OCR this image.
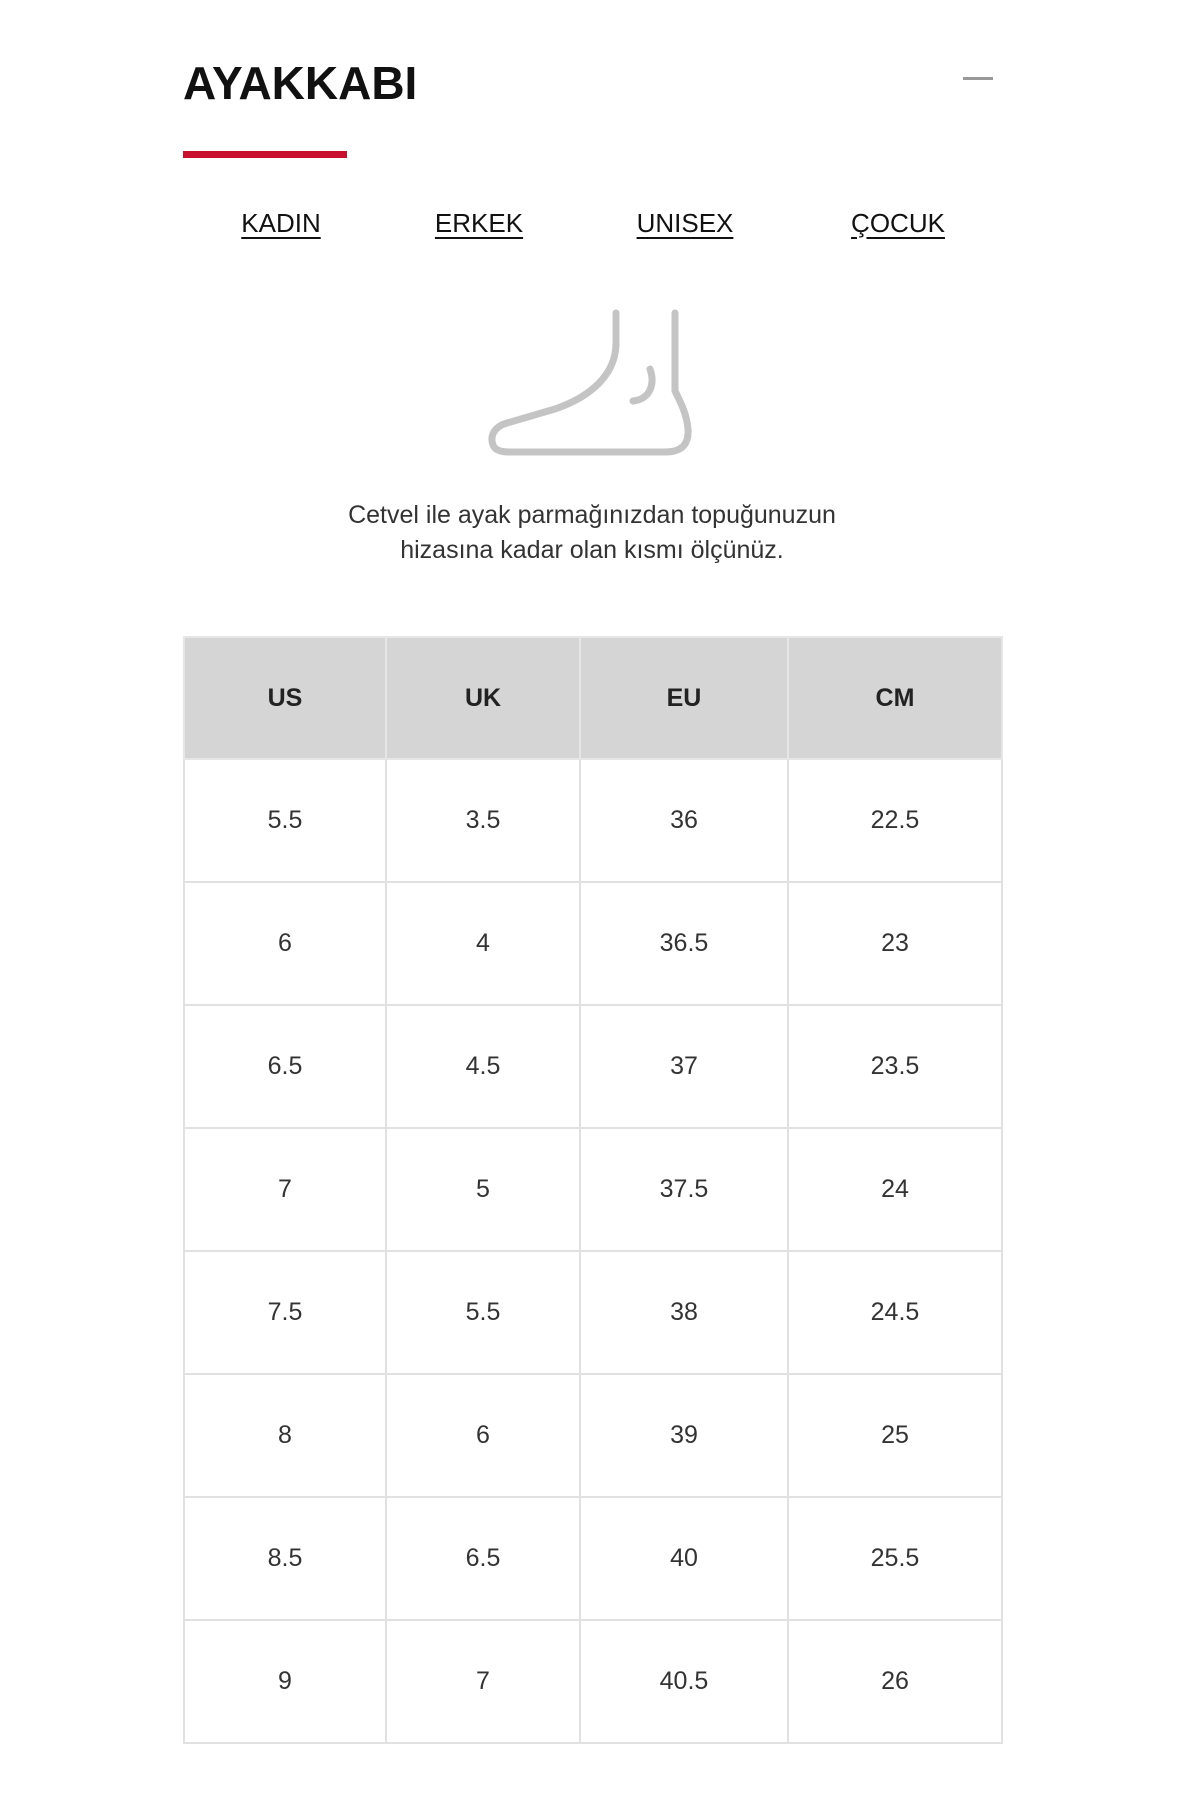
AYAKKABI
KADIN	ERKEK	UNISEX	ÇOCUK
Cetvel ile ayak parmağınızdan topuğunuzun
hizasına kadar olan kısmı ölçünüz.
US	UK	EU	CM
5.5	3.5	36	22.5
6	4	36.5	23
6.5	4.5	37	23.5
7	5	37.5	24
7.5	5.5	38	24.5
8	6	39	25
8.5	6.5	40	25.5
9	7	40.5	26
